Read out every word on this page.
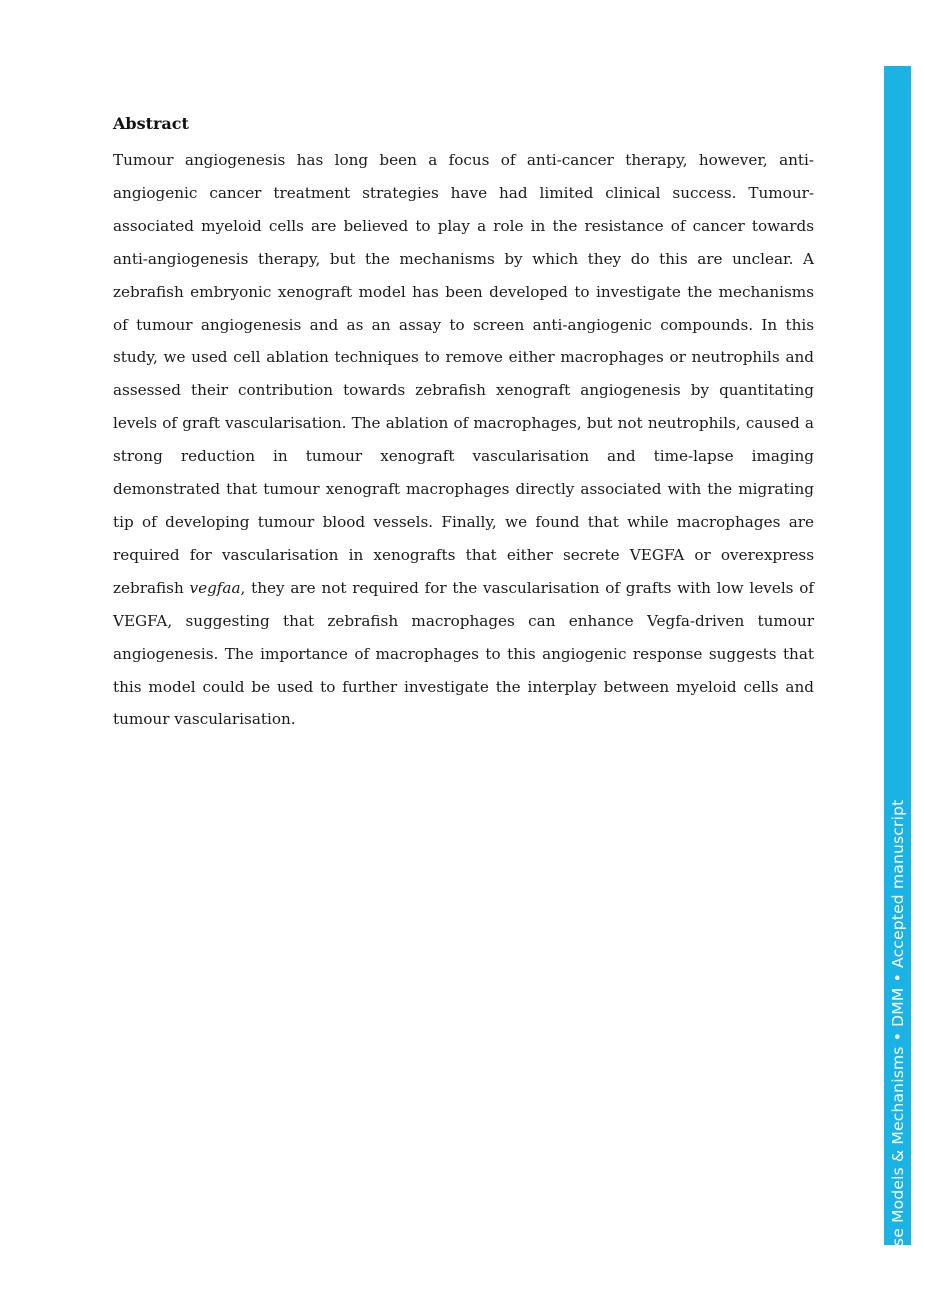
Abstract

Tumour angiogenesis has long been a focus of anti-cancer therapy, however, anti-angiogenic cancer treatment strategies have had limited clinical success. Tumour-associated myeloid cells are believed to play a role in the resistance of cancer towards anti-angiogenesis therapy, but the mechanisms by which they do this are unclear. A zebrafish embryonic xenograft model has been developed to investigate the mechanisms of tumour angiogenesis and as an assay to screen anti-angiogenic compounds. In this study, we used cell ablation techniques to remove either macrophages or neutrophils and assessed their contribution towards zebrafish xenograft angiogenesis by quantitating levels of graft vascularisation. The ablation of macrophages, but not neutrophils, caused a strong reduction in tumour xenograft vascularisation and time-lapse imaging demonstrated that tumour xenograft macrophages directly associated with the migrating tip of developing tumour blood vessels. Finally, we found that while macrophages are required for vascularisation in xenografts that either secrete VEGFA or overexpress zebrafish vegfaa, they are not required for the vascularisation of grafts with low levels of VEGFA, suggesting that zebrafish macrophages can enhance Vegfa-driven tumour angiogenesis. The importance of macrophages to this angiogenic response suggests that this model could be used to further investigate the interplay between myeloid cells and tumour vascularisation.

Disease Models & Mechanisms • DMM • Accepted manuscript
